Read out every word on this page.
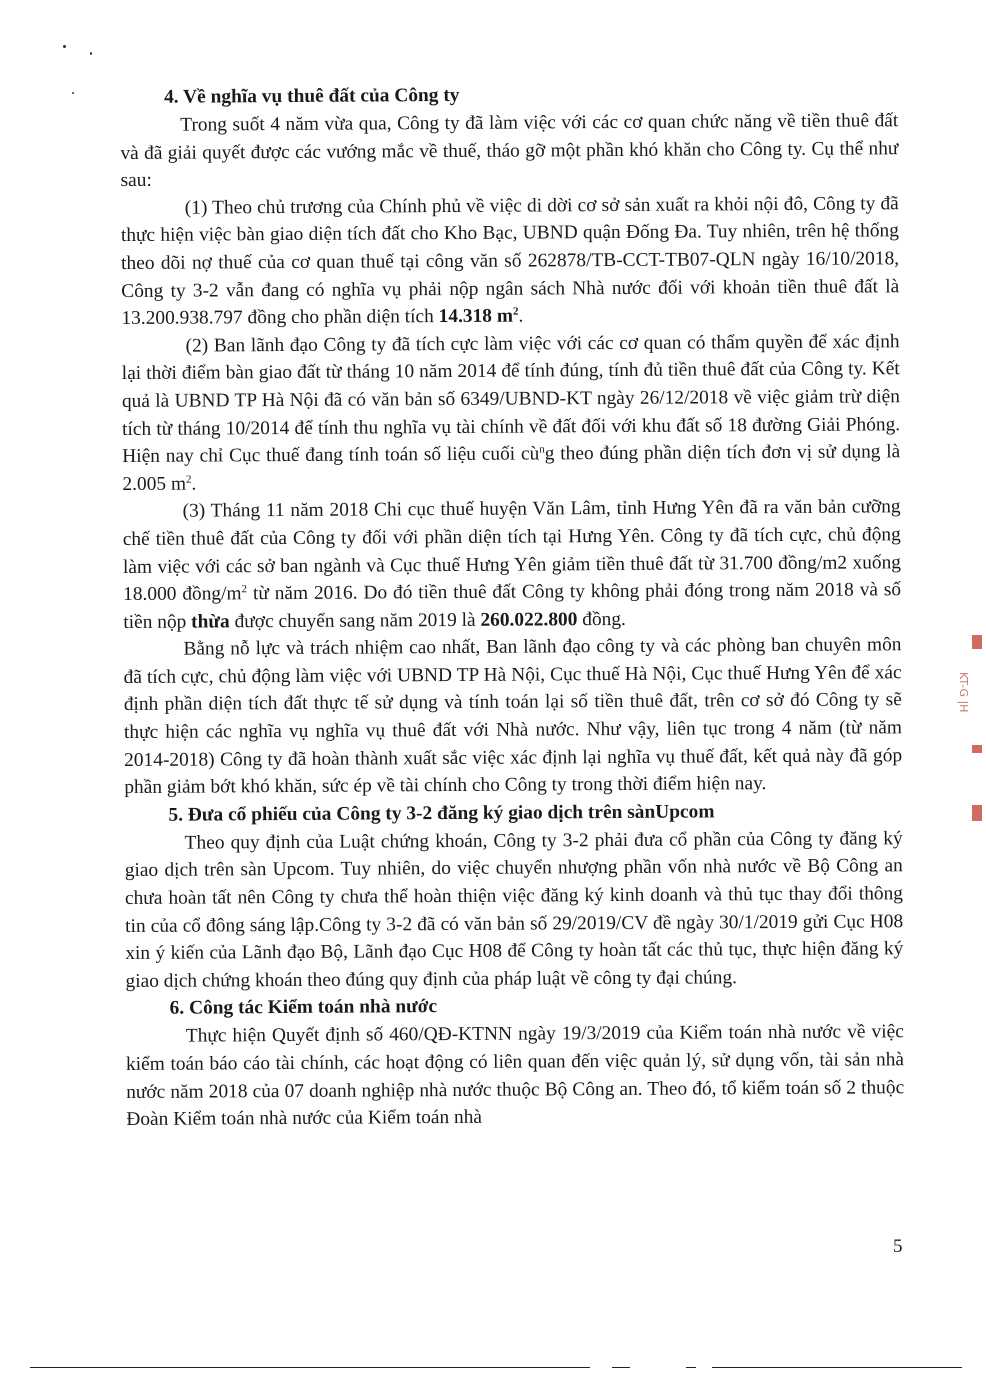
4. Về nghĩa vụ thuê đất của Công ty

Trong suốt 4 năm vừa qua, Công ty đã làm việc với các cơ quan chức năng về tiền thuê đất và đã giải quyết được các vướng mắc về thuế, tháo gỡ một phần khó khăn cho Công ty. Cụ thể như sau:

(1) Theo chủ trương của Chính phủ về việc di dời cơ sở sản xuất ra khỏi nội đô, Công ty đã thực hiện việc bàn giao diện tích đất cho Kho Bạc, UBND quận Đống Đa. Tuy nhiên, trên hệ thống theo dõi nợ thuế của cơ quan thuế tại công văn số 262878/TB-CCT-TB07-QLN ngày 16/10/2018, Công ty 3-2 vẫn đang có nghĩa vụ phải nộp ngân sách Nhà nước đối với khoản tiền thuê đất là 13.200.938.797 đồng cho phần diện tích 14.318 $m^2$.

(2) Ban lãnh đạo Công ty đã tích cực làm việc với các cơ quan có thẩm quyền để xác định lại thời điểm bàn giao đất từ tháng 10 năm 2014 để tính đúng, tính đủ tiền thuê đất của Công ty. Kết quả là UBND TP Hà Nội đã có văn bản số 6349/UBND-KT ngày 26/12/2018 về việc giảm trừ diện tích từ tháng 10/2014 để tính thu nghĩa vụ tài chính về đất đối với khu đất số 18 đường Giải Phóng. Hiện nay chỉ Cục thuế đang tính toán số liệu cuối $cù^ng$ theo đúng phần diện tích đơn vị sử dụng là 2.005 $m^2$.

(3) Tháng 11 năm 2018 Chi cục thuế huyện Văn Lâm, tỉnh Hưng Yên đã ra văn bản cưỡng chế tiền thuê đất của Công ty đối với phần diện tích tại Hưng Yên. Công ty đã tích cực, chủ động làm việc với các sở ban ngành và Cục thuế Hưng Yên giảm tiền thuê đất từ 31.700 đồng/m2 xuống 18.000 đồng/$m^2$ từ năm 2016. Do đó tiền thuê đất Công ty không phải đóng trong năm 2018 và số tiền nộp thừa được chuyển sang năm 2019 là 260.022.800 đồng.

Bằng nỗ lực và trách nhiệm cao nhất, Ban lãnh đạo công ty và các phòng ban chuyên môn đã tích cực, chủ động làm việc với UBND TP Hà Nội, Cục thuế Hà Nội, Cục thuế Hưng Yên để xác định phần diện tích đất thực tế sử dụng và tính toán lại số tiền thuê đất, trên cơ sở đó Công ty sẽ thực hiện các nghĩa vụ nghĩa vụ thuê đất với Nhà nước. Như vậy, liên tục trong 4 năm (từ năm 2014-2018) Công ty đã hoàn thành xuất sắc việc xác định lại nghĩa vụ thuế đất, kết quả này đã góp phần giảm bớt khó khăn, sức ép về tài chính cho Công ty trong thời điểm hiện nay.

5. Đưa cổ phiếu của Công ty 3-2 đăng ký giao dịch trên sànUpcom

Theo quy định của Luật chứng khoán, Công ty 3-2 phải đưa cổ phần của Công ty đăng ký giao dịch trên sàn Upcom. Tuy nhiên, do việc chuyển nhượng phần vốn nhà nước về Bộ Công an chưa hoàn tất nên Công ty chưa thể hoàn thiện việc đăng ký kinh doanh và thủ tục thay đổi thông tin của cổ đông sáng lập.Công ty 3-2 đã có văn bản số 29/2019/CV đề ngày 30/1/2019 gửi Cục H08 xin ý kiến của Lãnh đạo Bộ, Lãnh đạo Cục H08 để Công ty hoàn tất các thủ tục, thực hiện đăng ký giao dịch chứng khoán theo đúng quy định của pháp luật về công ty đại chúng.

6. Công tác Kiểm toán nhà nước

Thực hiện Quyết định số 460/QĐ-KTNN ngày 19/3/2019 của Kiểm toán nhà nước về việc kiểm toán báo cáo tài chính, các hoạt động có liên quan đến việc quản lý, sử dụng vốn, tài sản nhà nước năm 2018 của 07 doanh nghiệp nhà nước thuộc Bộ Công an. Theo đó, tổ kiểm toán số 2 thuộc Đoàn Kiểm toán nhà nước của Kiểm toán nhà

5
KT-G |H
